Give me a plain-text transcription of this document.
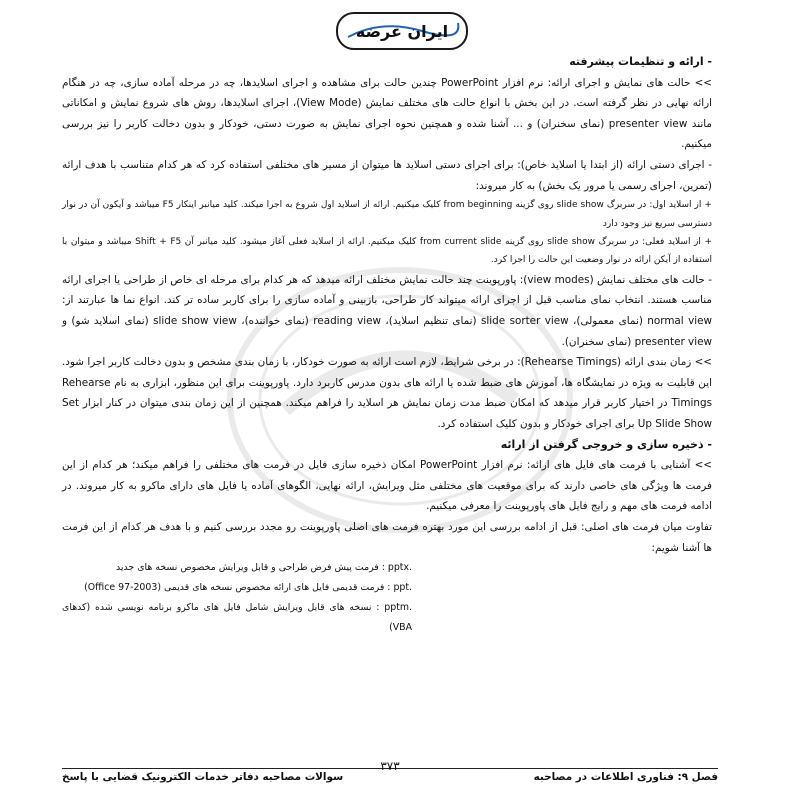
ایران عرضه

- ارائه و تنظیمات پیشرفته

>> حالت های نمایش و اجرای ارائه: نرم افزار PowerPoint چندین حالت برای مشاهده و اجرای اسلایدها، چه در مرحله آماده سازی، چه در هنگام ارائه نهایی در نظر گرفته است. در این بخش با انواع حالت های مختلف نمایش (View Mode)، اجرای اسلایدها، روش های شروع نمایش و امکاناتی مانند presenter view (نمای سخنران) و ... آشنا شده و همچنین نحوه اجرای نمایش به صورت دستی، خودکار و بدون دخالت کاربر را نیز بررسی میکنیم.

- اجرای دستی ارائه (از ابتدا یا اسلاید خاص): برای اجرای دستی اسلاید ها میتوان از مسیر های مختلفی استفاده کرد که هر کدام متناسب با هدف ارائه (تمرین، اجرای رسمی یا مرور یک بخش) به کار میروند:

+ از اسلاید اول: در سربرگ slide show روی گزینه from beginning کلیک میکنیم. ارائه از اسلاید اول شروع به اجرا میکند. کلید میانبر اینکار F5 میباشد و آیکون آن در نوار دسترسی سریع نیز وجود دارد

+ از اسلاید فعلی: در سربرگ slide show روی گزینه from current slide کلیک میکنیم. ارائه از اسلاید فعلی آغاز میشود. کلید میانبر آن Shift + F5 میباشد و میتوان با استفاده از آیکن ارائه در نوار وضعیت این حالت را اجرا کرد.

- حالت های مختلف نمایش (view modes): پاورپوینت چند حالت نمایش مختلف ارائه میدهد که هر کدام برای مرحله ای خاص از طراحی یا اجرای ارائه مناسب هستند. انتخاب نمای مناسب قبل از اجرای ارائه میتواند کار طراحی، بازبینی و آماده سازی را برای کاربر ساده تر کند. انواع نما ها عبارتند از: normal view (نمای معمولی)، slide sorter view (نمای تنظیم اسلاید)، reading view (نمای خواننده)، slide show view (نمای اسلاید شو) و presenter view (نمای سخنران).

>> زمان بندی ارائه (Rehearse Timings): در برخی شرایط، لازم است ارائه به صورت خودکار، با زمان بندی مشخص و بدون دخالت کاربر اجرا شود. این قابلیت به ویژه در نمایشگاه ها، آموزش های ضبط شده یا ارائه های بدون مدرس کاربرد دارد. پاورپوینت برای این منظور، ابزاری به نام Rehearse Timings در اختیار کاربر قرار میدهد که امکان ضبط مدت زمان نمایش هر اسلاید را فراهم میکند. همچنین از این زمان بندی میتوان در کنار ابزار Set Up Slide Show برای اجرای خودکار و بدون کلیک استفاده کرد.

- ذخیره سازی و خروجی گرفتن از ارائه

>> آشنایی با فرمت های فایل های ارائه: نرم افزار PowerPoint امکان ذخیره سازی فایل در فرمت های مختلفی را فراهم میکند؛ هر کدام از این فرمت ها ویژگی های خاصی دارند که برای موقعیت های مختلفی مثل ویرایش، ارائه نهایی، الگوهای آماده یا فایل های دارای ماکرو به کار میروند. در ادامه فرمت های مهم و رایج فایل های پاورپوینت را معرفی میکنیم.

تفاوت میان فرمت های اصلی: قبل از ادامه بررسی این مورد بهتره فرمت های اصلی پاورپوینت رو مجدد بررسی کنیم و با هدف هر کدام از این فرمت ها آشنا شویم:

.pptx : فرمت پیش فرض طراحی و قابل ویرایش مخصوص نسخه های جدید

.ppt : فرمت قدیمی فایل های ارائه مخصوص نسخه های قدیمی (Office 97-2003)

.pptm : نسخه های قابل ویرایش شامل فایل های ماکرو برنامه نویسی شده (کدهای VBA)

فصل ۹: فناوری اطلاعات در مصاحبه
۳۷۳
سوالات مصاحبه دفاتر خدمات الکترونیک قضایی با پاسخ
